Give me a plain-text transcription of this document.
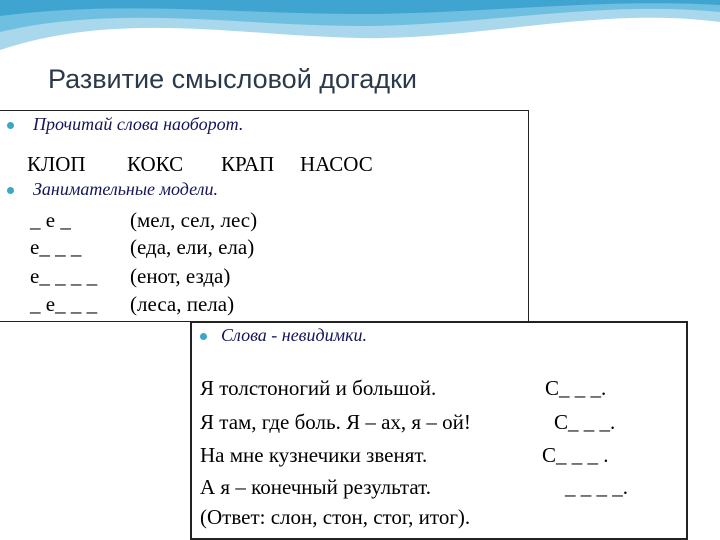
Развитие смысловой догадки
Прочитай слова наоборот.
КЛОП КОКС КРАП НАСОС
Занимательные модели.
_ е _	(мел, сел, лес)
е_ _ _ (еда, ели, ела)
е_ _ _ _ (енот, езда)
_ е_ _ _ (леса, пела)
Слова - невидимки.
Я толстоногий и большой.	С_ _ _.
Я там, где боль. Я – ах, я – ой!	С_ _ _.
На мне кузнечики звенят.	С_ _ _ .
А я – конечный результат.	_ _ _ _.
(Ответ: слон, стон, стог, итог).
